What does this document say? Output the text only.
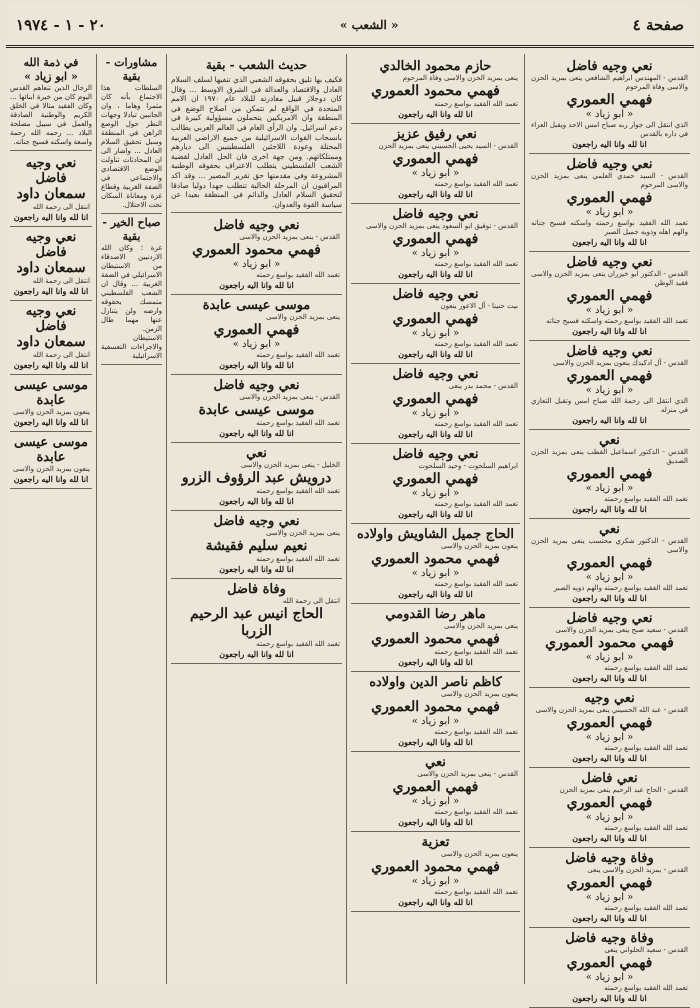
صفحة ٤
« الشعب »
٢٠ - ١ - ١٩٧٤
نعي وجيه فاضل
القدس - المهندس ابراهيم الشافعي ينعى بمزيد الحزن والاسى وفاة المرحوم
فهمي العموري
« ابو زياد »
الذي انتقل الى جوار ربه صباح امس الاحد ويقبل العزاء في داره بالقدس
انا لله وانا اليه راجعون
نعي وجيه فاضل
القدس - السيد حمدي العلمي ينعى بمزيد الحزن والاسى المرحوم
فهمي العموري
« ابو زياد »
تغمد الله الفقيد بواسع رحمته واسكنه فسيح جناته والهم اهله وذويه جميل الصبر
انا لله وانا اليه راجعون
نعي وجيه فاضل
القدس - الدكتور ابو خيزران ينعى بمزيد الحزن والاسى فقيد الوطن
فهمي العموري
« ابو زياد »
تغمد الله الفقيد بواسع رحمته واسكنه فسيح جناته
انا لله وانا اليه راجعون
نعي وجيه فاضل
القدس - آل ادكيدك ينعون بمزيد الحزن والاسى
فهمي العموري
« ابو زياد »
الذي انتقل الى رحمة الله صباح امس وتقبل التعازي في منزله
انا لله وانا اليه راجعون
نعي
القدس - الدكتور اسماعيل القطب ينعى بمزيد الحزن الصديق
فهمي العموري
« ابو زياد »
تغمد الله الفقيد بواسع رحمته
انا لله وانا اليه راجعون
نعي
القدس - الدكتور شكري محتسب ينعى بمزيد الحزن والاسى
فهمي العموري
« ابو زياد »
تغمد الله الفقيد بواسع رحمته والهم ذويه الصبر
انا لله وانا اليه راجعون
نعي وجيه فاضل
القدس - سعيد صبح ينعى بمزيد الحزن والاسى
فهمي محمود العموري
« ابو زياد »
تغمد الله الفقيد بواسع رحمته
انا لله وانا اليه راجعون
نعي وجيه
القدس - عبد الله الحسيني ينعى بمزيد الحزن والاسى
فهمي العموري
« ابو زياد »
تغمد الله الفقيد بواسع رحمته
انا لله وانا اليه راجعون
نعي فاضل
القدس - الحاج عبد الرحيم ينعى بمزيد الحزن
فهمي العموري
« ابو زياد »
تغمد الله الفقيد بواسع رحمته
انا لله وانا اليه راجعون
وفاة وجيه فاضل
القدس - بمزيد الحزن والاسى ينعى
فهمي العموري
« ابو زياد »
تغمد الله الفقيد بواسع رحمته
انا لله وانا اليه راجعون
وفاة وجيه فاضل
القدس - سعيد الحلواني ينعى
فهمي العموري
« ابو زياد »
تغمد الله الفقيد بواسع رحمته
انا لله وانا اليه راجعون
حازم محمود الخالدي
ينعى بمزيد الحزن والاسى وفاة المرحوم
فهمي محمود العموري
تغمد الله الفقيد بواسع رحمته
انا لله وانا اليه راجعون
نعي رفيق عزيز
القدس - السيد يحيى الحسيني ينعى بمزيد الحزن
فهمي العموري
« ابو زياد »
تغمد الله الفقيد بواسع رحمته
انا لله وانا اليه راجعون
نعي وجيه فاضل
القدس - توفيق ابو السعود ينعى بمزيد الحزن والاسى
فهمي العموري
« ابو زياد »
تغمد الله الفقيد بواسع رحمته
انا لله وانا اليه راجعون
نعي وجيه فاضل
بيت حنينا - آل الاعور ينعون
فهمي العموري
« ابو زياد »
تغمد الله الفقيد بواسع رحمته
انا لله وانا اليه راجعون
نعي وجيه فاضل
القدس - محمد بدر ينعى
فهمي العموري
« ابو زياد »
تغمد الله الفقيد بواسع رحمته
انا لله وانا اليه راجعون
نعي وجيه فاضل
ابراهيم السلحوت - وحيد السلحوت
فهمي العموري
« ابو زياد »
تغمد الله الفقيد بواسع رحمته
انا لله وانا اليه راجعون
الحاج جميل الشاويش واولاده
ينعون بمزيد الحزن والاسى
فهمي محمود العموري
« ابو زياد »
تغمد الله الفقيد بواسع رحمته
انا لله وانا اليه راجعون
ماهر رضا القدومي
ينعى بمزيد الحزن والاسى
فهمي محمود العموري
تغمد الله الفقيد بواسع رحمته
انا لله وانا اليه راجعون
كاظم ناصر الدين واولاده
ينعون بمزيد الحزن والاسى
فهمي محمود العموري
« ابو زياد »
تغمد الله الفقيد بواسع رحمته
انا لله وانا اليه راجعون
نعي
القدس - ينعى بمزيد الحزن والاسى
فهمي العموري
« ابو زياد »
تغمد الله الفقيد بواسع رحمته
انا لله وانا اليه راجعون
تعزية
ينعون بمزيد الحزن والاسى
فهمي محمود العموري
« ابو زياد »
تغمد الله الفقيد بواسع رحمته
انا لله وانا اليه راجعون
حديث الشعب - بقية
فكيف بها تليق بحقوقه الشعبي الذي تنفيها لسلف السلام العادل والاقتصاد والعدالة في الشرق الاوسط ... وقال كان دوجلاز قبيل مغادرته للبلاد عام ١٩٧٠ ان الامم المتحدة في الواقع لم تتمكن من اصلاح الوضع في المنطقة وان الامريكيين يتحملون مسؤولية كبيرة في دعم اسرائيل. وان الرأي العام في العالم العربي يطالب بانسحاب القوات الاسرائيلية من جميع الاراضي العربية المحتلة وعودة اللاجئين الفلسطينيين الى ديارهم وممتلكاتهم. ومن جهة اخرى فان الحل العادل لقضية الشعب الفلسطيني يتطلب الاعتراف بحقوقه الوطنية المشروعة وفي مقدمتها حق تقرير المصير ... وقد اكد المراقبون ان المرحلة الحالية تتطلب جهدا دوليا صادقا لتحقيق السلام العادل والدائم في المنطقة بعيدا عن سياسة القوة والعدوان.
نعي وجيه فاضل
القدس - ينعى بمزيد الحزن والاسى
فهمي محمود العموري
« ابو زياد »
تغمد الله الفقيد بواسع رحمته
انا لله وانا اليه راجعون
موسى عيسى عابدة
ينعى بمزيد الحزن والاسى
فهمي العموري
« ابو زياد »
تغمد الله الفقيد بواسع رحمته
انا لله وانا اليه راجعون
نعي وجيه فاضل
القدس - ينعى بمزيد الحزن والاسى
موسى عيسى عابدة
تغمد الله الفقيد بواسع رحمته
انا لله وانا اليه راجعون
نعي
الخليل - ينعى بمزيد الحزن والاسى
درويش عبد الرؤوف الزرو
تغمد الله الفقيد بواسع رحمته
انا لله وانا اليه راجعون
نعي وجيه فاضل
ينعى بمزيد الحزن والاسى
نعيم سليم فقيشة
تغمد الله الفقيد بواسع رحمته
انا لله وانا اليه راجعون
وفاة فاضل
انتقل الى رحمة الله
الحاج انيس عبد الرحيم الزربا
تغمد الله الفقيد بواسع رحمته
انا لله وانا اليه راجعون
مشاورات - بقية
السلطات هذا الاجتماع بأنه كان مثمرا وهاما ، وان الجانبين تبادلا وجهات النظر حول الوضع الراهن في المنطقة وسبل تحقيق السلام العادل ... واشار الى ان المحادثات تناولت الوضع الاقتصادي والاجتماعي في الضفة الغربية وقطاع غزة ومعاناة السكان تحت الاحتلال.
صباح الخير - بقية
غزة ؛ وكان الله الاردنيين الاصدقاء من الاستيطان الاسرائيلي في الضفة الغربية ... وقال ان الشعب الفلسطيني متمسك بحقوقه وارضه ولن يتنازل عنها مهما طال الزمن.
الاستيطان والاجراءات التعسفية الاسرائيلية
في ذمة الله
« ابو زياد »
الرجال الذين تنعاهم القدس اليوم كان من خيرة ابنائها ... وكان الفقيد مثالا في الخلق الكريم والوطنية الصادقة والعمل في سبيل مصلحة البلاد ... رحمه الله رحمة واسعة واسكنه فسيح جناته.
نعي وجيه فاضل
سمعان داود
انتقل الى رحمة الله
انا لله وانا اليه راجعون
نعي وجيه فاضل
سمعان داود
انتقل الى رحمة الله
انا لله وانا اليه راجعون
نعي وجيه فاضل
سمعان داود
انتقل الى رحمة الله
انا لله وانا اليه راجعون
موسى عيسى عابدة
ينعون بمزيد الحزن والاسى
انا لله وانا اليه راجعون
موسى عيسى عابدة
ينعون بمزيد الحزن والاسى
انا لله وانا اليه راجعون
